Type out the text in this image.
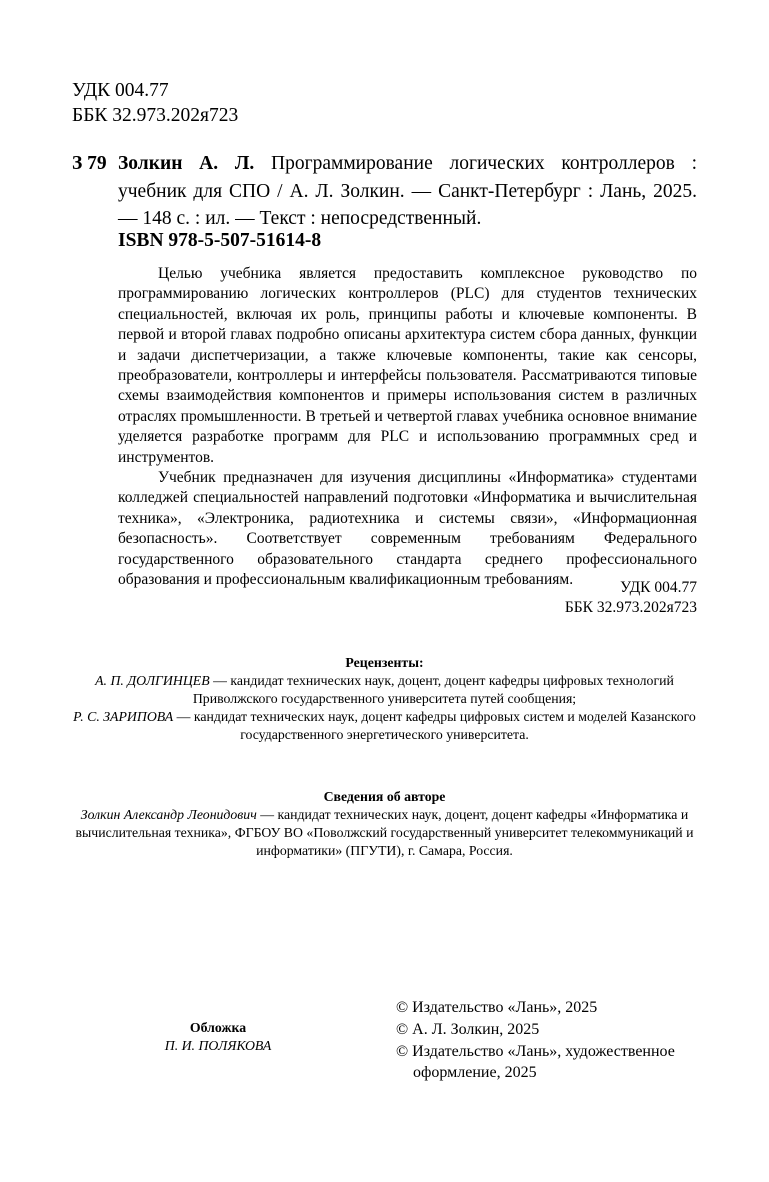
УДК 004.77
ББК 32.973.202я723
З 79 Золкин А. Л. Программирование логических контроллеров : учебник для СПО / А. Л. Золкин. — Санкт-Петербург : Лань, 2025. — 148 с. : ил. — Текст : непосредственный.
ISBN 978-5-507-51614-8

Целью учебника является предоставить комплексное руководство по программированию логических контроллеров (PLC) для студентов технических специальностей, включая их роль, принципы работы и ключевые компоненты. В первой и второй главах подробно описаны архитектура систем сбора данных, функции и задачи диспетчеризации, а также ключевые компоненты, такие как сенсоры, преобразователи, контроллеры и интерфейсы пользователя. Рассматриваются типовые схемы взаимодействия компонентов и примеры использования систем в различных отраслях промышленности. В третьей и четвертой главах учебника основное внимание уделяется разработке программ для PLC и использованию программных сред и инструментов.

Учебник предназначен для изучения дисциплины «Информатика» студентами колледжей специальностей направлений подготовки «Информатика и вычислительная техника», «Электроника, радиотехника и системы связи», «Информационная безопасность». Соответствует современным требованиям Федерального государственного образовательного стандарта среднего профессионального образования и профессиональным квалификационным требованиям.	УДК 004.77
ББК 32.973.202я723
Рецензенты:
А. П. ДОЛГИНЦЕВ — кандидат технических наук, доцент, доцент кафедры цифровых технологий Приволжского государственного университета путей сообщения;
Р. С. ЗАРИПОВА — кандидат технических наук, доцент кафедры цифровых систем и моделей Казанского государственного энергетического университета.
Сведения об авторе
Золкин Александр Леонидович — кандидат технических наук, доцент, доцент кафедры «Информатика и вычислительная техника», ФГБОУ ВО «Поволжский государственный университет телекоммуникаций и информатики» (ПГУТИ), г. Самара, Россия.
Обложка
П. И. ПОЛЯКОВА
© Издательство «Лань», 2025
© А. Л. Золкин, 2025
© Издательство «Лань», художественное
оформление, 2025
